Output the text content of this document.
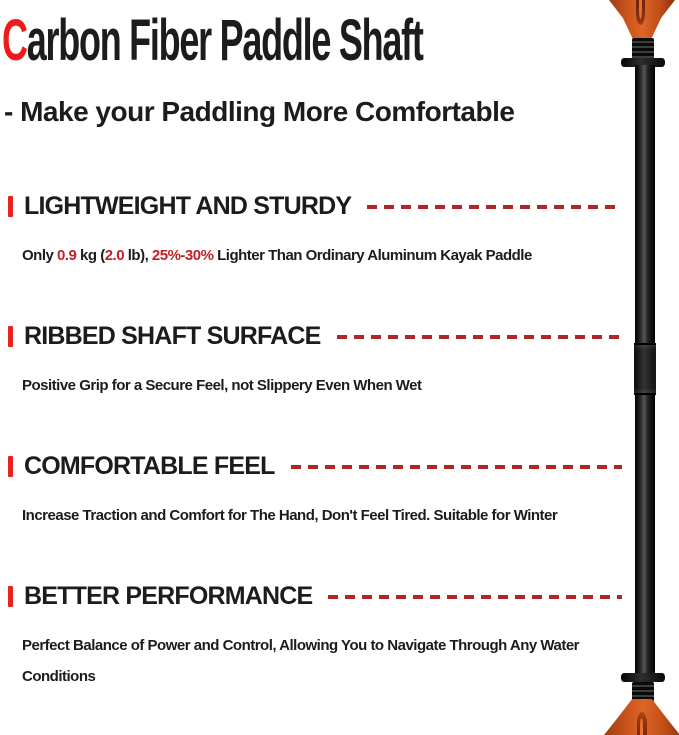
Carbon Fiber Paddle Shaft
- Make your Paddling More Comfortable
LIGHTWEIGHT AND STURDY
Only 0.9 kg (2.0 lb), 25%-30% Lighter Than Ordinary Aluminum Kayak Paddle
RIBBED SHAFT SURFACE
Positive Grip for a Secure Feel, not Slippery Even When Wet
COMFORTABLE FEEL
Increase Traction and Comfort for The Hand, Don't Feel Tired. Suitable for Winter
BETTER PERFORMANCE
Perfect Balance of Power and Control, Allowing You to Navigate Through Any Water Conditions
